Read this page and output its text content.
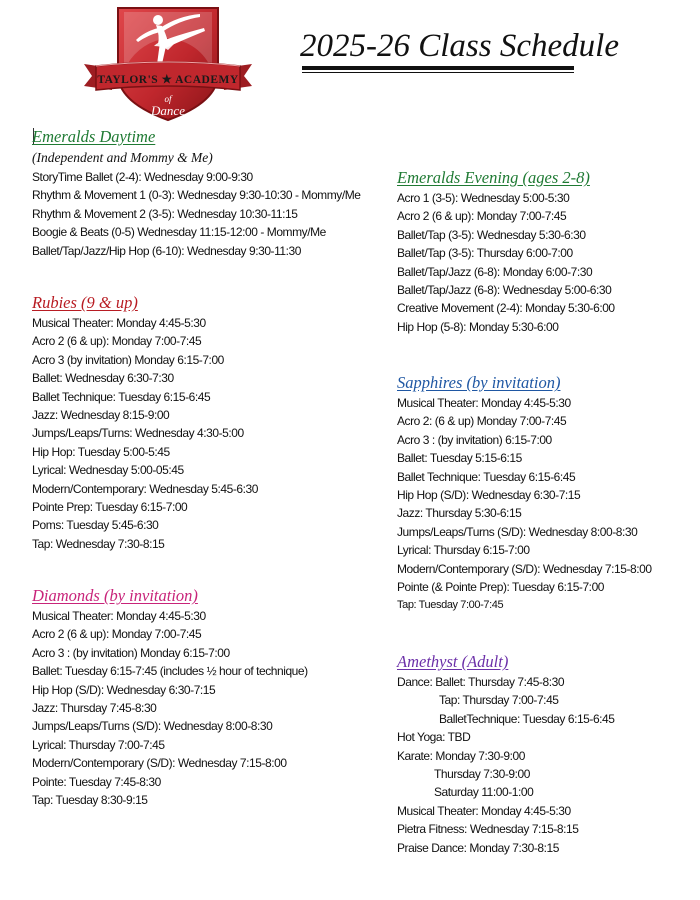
TAYLOR'S ★ ACADEMY
of
Dance
2025-26 Class Schedule
Emeralds Daytime
(Independent and Mommy & Me)
StoryTime Ballet (2-4): Wednesday 9:00-9:30
Rhythm & Movement 1 (0-3): Wednesday 9:30-10:30 - Mommy/Me
Rhythm & Movement 2 (3-5): Wednesday 10:30-11:15
Boogie & Beats (0-5) Wednesday 11:15-12:00 - Mommy/Me
Ballet/Tap/Jazz/Hip Hop (6-10): Wednesday 9:30-11:30
Rubies (9 & up)
Musical Theater: Monday 4:45-5:30
Acro 2 (6 & up): Monday 7:00-7:45
Acro 3 (by invitation) Monday 6:15-7:00
Ballet: Wednesday 6:30-7:30
Ballet Technique: Tuesday 6:15-6:45
Jazz: Wednesday 8:15-9:00
Jumps/Leaps/Turns: Wednesday 4:30-5:00
Hip Hop: Tuesday 5:00-5:45
Lyrical: Wednesday 5:00-05:45
Modern/Contemporary: Wednesday 5:45-6:30
Pointe Prep: Tuesday 6:15-7:00
Poms: Tuesday 5:45-6:30
Tap: Wednesday 7:30-8:15
Diamonds (by invitation)
Musical Theater: Monday 4:45-5:30
Acro 2 (6 & up): Monday 7:00-7:45
Acro 3 : (by invitation) Monday 6:15-7:00
Ballet: Tuesday 6:15-7:45 (includes ½ hour of technique)
Hip Hop (S/D): Wednesday 6:30-7:15
Jazz: Thursday 7:45-8:30
Jumps/Leaps/Turns (S/D): Wednesday 8:00-8:30
Lyrical: Thursday 7:00-7:45
Modern/Contemporary (S/D): Wednesday 7:15-8:00
Pointe: Tuesday 7:45-8:30
Tap: Tuesday 8:30-9:15
Emeralds Evening (ages 2-8)
Acro 1 (3-5): Wednesday 5:00-5:30
Acro 2 (6 & up): Monday 7:00-7:45
Ballet/Tap (3-5): Wednesday 5:30-6:30
Ballet/Tap (3-5): Thursday 6:00-7:00
Ballet/Tap/Jazz (6-8): Monday 6:00-7:30
Ballet/Tap/Jazz (6-8): Wednesday 5:00-6:30
Creative Movement (2-4): Monday 5:30-6:00
Hip Hop (5-8): Monday 5:30-6:00
Sapphires (by invitation)
Musical Theater: Monday 4:45-5:30
Acro 2: (6 & up) Monday 7:00-7:45
Acro 3 : (by invitation) 6:15-7:00
Ballet: Tuesday 5:15-6:15
Ballet Technique: Tuesday 6:15-6:45
Hip Hop (S/D): Wednesday 6:30-7:15
Jazz: Thursday 5:30-6:15
Jumps/Leaps/Turns (S/D): Wednesday 8:00-8:30
Lyrical: Thursday 6:15-7:00
Modern/Contemporary (S/D): Wednesday 7:15-8:00
Pointe (& Pointe Prep): Tuesday 6:15-7:00
Tap: Tuesday 7:00-7:45
Amethyst (Adult)
Dance: Ballet: Thursday 7:45-8:30
Tap: Thursday 7:00-7:45
BalletTechnique: Tuesday 6:15-6:45
Hot Yoga: TBD
Karate: Monday 7:30-9:00
Thursday 7:30-9:00
Saturday 11:00-1:00
Musical Theater: Monday 4:45-5:30
Pietra Fitness: Wednesday 7:15-8:15
Praise Dance: Monday 7:30-8:15
